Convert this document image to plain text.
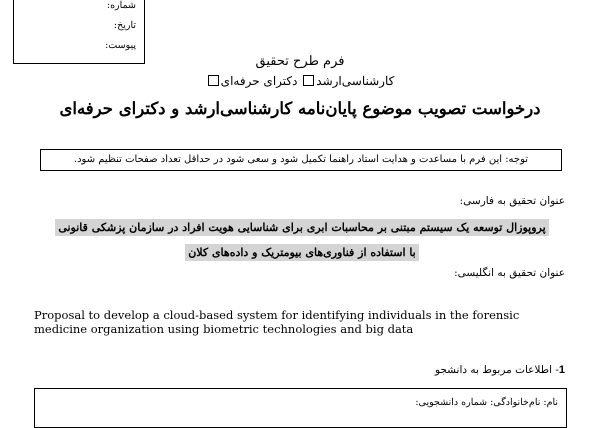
شماره:
تاریخ:
پیوست:
فرم طرح تحقیق
کارشناسی‌ارشد دکترای حرفه‌ای
درخواست تصویب موضوع پایان‌نامه کارشناسی‌ارشد و دکترای حرفه‌ای
توجه: این فرم با مساعدت و هدایت استاد راهنما تکمیل شود و سعی شود در حداقل تعداد صفحات تنظیم شود.
عنوان تحقیق به فارسی:
پروپوزال توسعه یک سیستم مبتنی بر محاسبات ابری برای شناسایی هویت افراد در سازمان پزشکی قانونی با استفاده از فناوری‌های بیومتریک و داده‌های کلان
عنوان تحقیق به انگلیسی:
Proposal to develop a cloud-based system for identifying individuals in the forensic medicine organization using biometric technologies and big data
1- اطلاعات مربوط به دانشجو
نام: نام‌خانوادگی: شماره دانشجویی:
